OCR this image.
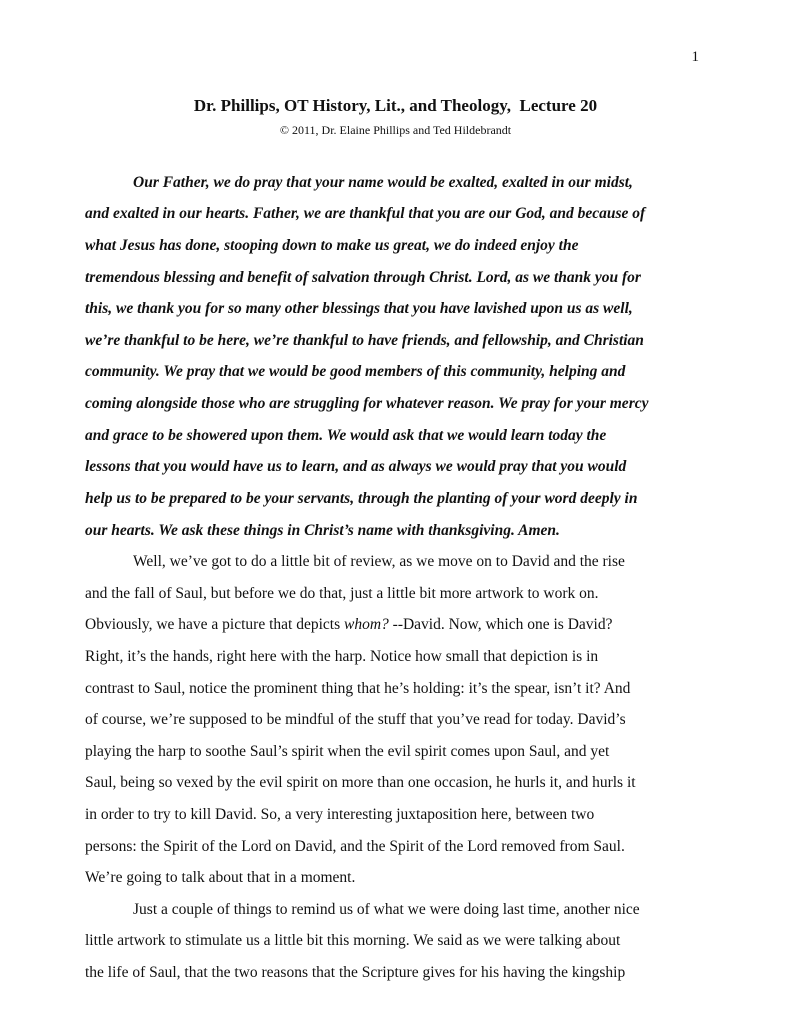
1
Dr. Phillips, OT History, Lit., and Theology,  Lecture 20
© 2011, Dr. Elaine Phillips and Ted Hildebrandt
Our Father, we do pray that your name would be exalted, exalted in our midst,
and exalted in our hearts. Father, we are thankful that you are our God, and because of
what Jesus has done, stooping down to make us great, we do indeed enjoy the
tremendous blessing and benefit of salvation through Christ. Lord, as we thank you for
this, we thank you for so many other blessings that you have lavished upon us as well,
we’re thankful to be here, we’re thankful to have friends, and fellowship, and Christian
community. We pray that we would be good members of this community, helping and
coming alongside those who are struggling for whatever reason. We pray for your mercy
and grace to be showered upon them. We would ask that we would learn today the
lessons that you would have us to learn, and as always we would pray that you would
help us to be prepared to be your servants, through the planting of your word deeply in
our hearts. We ask these things in Christ’s name with thanksgiving. Amen.
Well, we’ve got to do a little bit of review, as we move on to David and the rise
and the fall of Saul, but before we do that, just a little bit more artwork to work on.
Obviously, we have a picture that depicts whom? --David. Now, which one is David?
Right, it’s the hands, right here with the harp. Notice how small that depiction is in
contrast to Saul, notice the prominent thing that he’s holding: it’s the spear, isn’t it? And
of course, we’re supposed to be mindful of the stuff that you’ve read for today. David’s
playing the harp to soothe Saul’s spirit when the evil spirit comes upon Saul, and yet
Saul, being so vexed by the evil spirit on more than one occasion, he hurls it, and hurls it
in order to try to kill David. So, a very interesting juxtaposition here, between two
persons: the Spirit of the Lord on David, and the Spirit of the Lord removed from Saul.
We’re going to talk about that in a moment.
Just a couple of things to remind us of what we were doing last time, another nice
little artwork to stimulate us a little bit this morning. We said as we were talking about
the life of Saul, that the two reasons that the Scripture gives for his having the kingship
